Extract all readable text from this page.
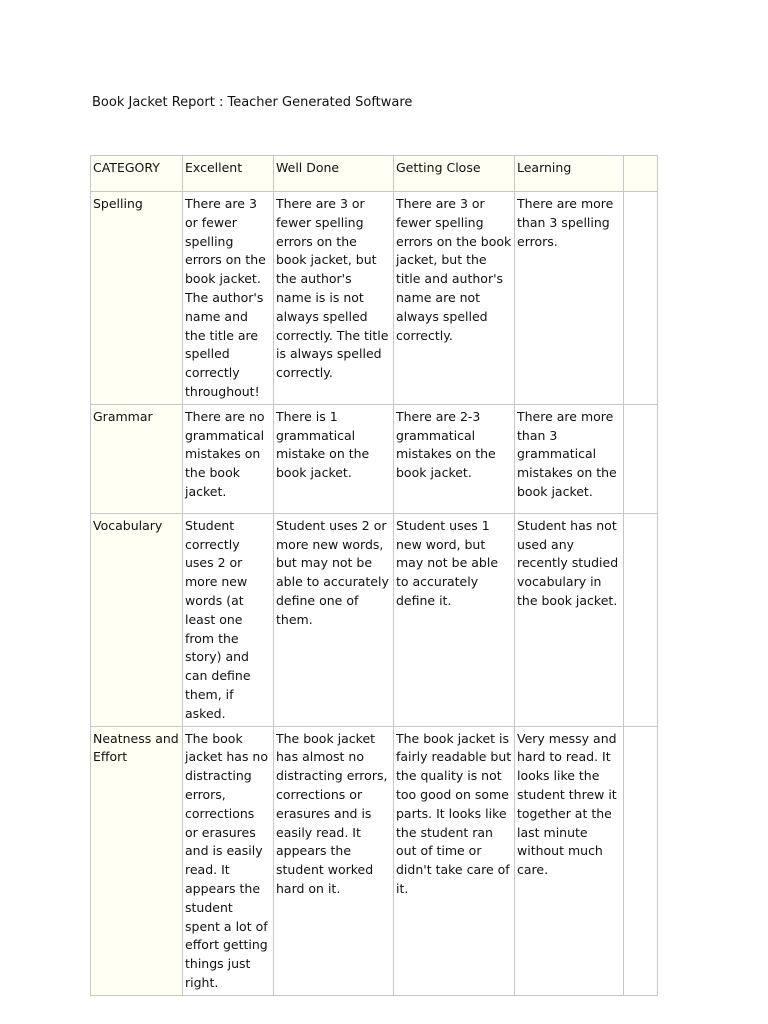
Book Jacket Report : Teacher Generated Software
CATEGORY	Excellent	Well Done	Getting Close	Learning	
Spelling	There are 3 or fewer spelling errors on the book jacket. The author's name and the title are spelled correctly throughout!	There are 3 or fewer spelling errors on the book jacket, but the author's name is is not always spelled correctly. The title is always spelled correctly.	There are 3 or fewer spelling errors on the book jacket, but the title and author's name are not always spelled correctly.	There are more than 3 spelling errors.	
Grammar	There are no grammatical mistakes on the book jacket.	There is 1 grammatical mistake on the book jacket.	There are 2-3 grammatical mistakes on the book jacket.	There are more than 3 grammatical mistakes on the book jacket.	
Vocabulary	Student correctly uses 2 or more new words (at least one from the story) and can define them, if asked.	Student uses 2 or more new words, but may not be able to accurately define one of them.	Student uses 1 new word, but may not be able to accurately define it.	Student has not used any recently studied vocabulary in the book jacket.	
Neatness and Effort	The book jacket has no distracting errors, corrections or erasures and is easily read. It appears the student spent a lot of effort getting things just right.	The book jacket has almost no distracting errors, corrections or erasures and is easily read. It appears the student worked hard on it.	The book jacket is fairly readable but the quality is not too good on some parts. It looks like the student ran out of time or didn't take care of it.	Very messy and hard to read. It looks like the student threw it together at the last minute without much care.	
